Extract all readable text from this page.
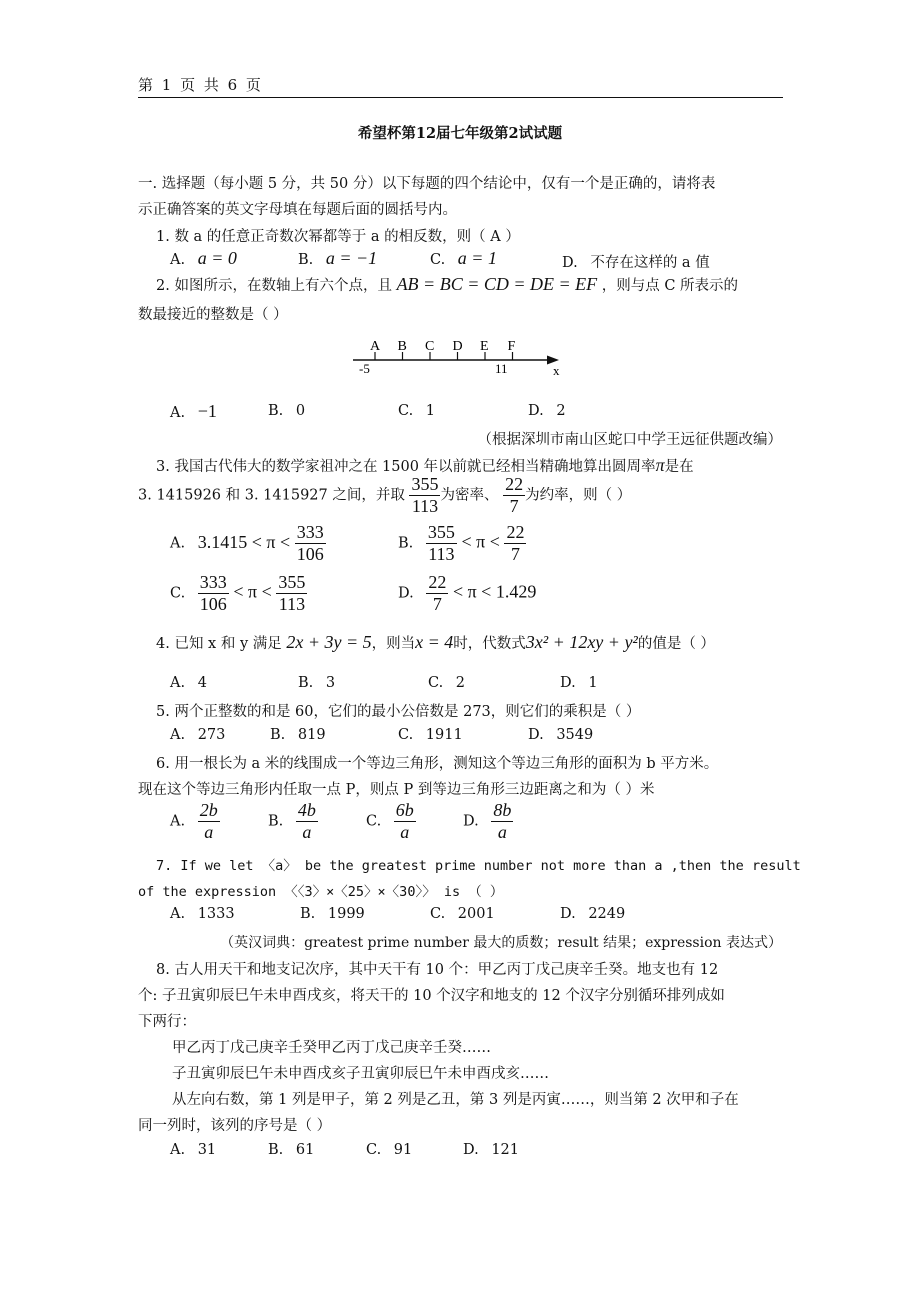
第 1 页 共 6 页
希望杯第12届七年级第2试试题
一. 选择题（每小题 5 分，共 50 分）以下每题的四个结论中，仅有一个是正确的，请将表
示正确答案的英文字母填在每题后面的圆括号内。
1. 数 a 的任意正奇数次幂都等于 a 的相反数，则（ A ）
A. a = 0	B. a = −1	C. a = 1	D. 不存在这样的 a 值
2. 如图所示，在数轴上有六个点，且 AB = BC = CD = DE = EF ，则与点 C 所表示的
数最接近的整数是（ ）
A B C D E F
-5	11	x
A. −1	B. 0	C. 1	D. 2
（根据深圳市南山区蛇口中学王远征供题改编）
3. 我国古代伟大的数学家祖冲之在 1500 年以前就已经相当精确地算出圆周率π是在
3. 1415926 和 3. 1415927 之间，并取 $\frac{355}{113}$ 为密率、 $\frac{22}{7}$ 为约率，则（ ）
A. $3.1415 < \pi < \frac{333}{106}$	B. $\frac{355}{113} < \pi < \frac{22}{7}$
C. $\frac{333}{106} < \pi < \frac{355}{113}$	D. $\frac{22}{7} < \pi < 1.429$
4. 已知 x 和 y 满足 2x + 3y = 5，则当x = 4时，代数式3x² + 12xy + y²的值是（ ）
A. 4	B. 3	C. 2	D. 1
5. 两个正整数的和是 60，它们的最小公倍数是 273，则它们的乘积是（ ）
A. 273	B. 819	C. 1911	D. 3549
6. 用一根长为 a 米的线围成一个等边三角形，测知这个等边三角形的面积为 b 平方米。
现在这个等边三角形内任取一点 P，则点 P 到等边三角形三边距离之和为（ ）米
A. $\frac{2b}{a}$	B. $\frac{4b}{a}$	C. $\frac{6b}{a}$	D. $\frac{8b}{a}$
7. If we let 〈a〉 be the greatest prime number not more than a ,then the result
of the expression 〈〈3〉×〈25〉×〈30〉〉 is （ ）
A. 1333	B. 1999	C. 2001	D. 2249
（英汉词典：greatest prime number 最大的质数；result 结果；expression 表达式）
8. 古人用天干和地支记次序，其中天干有 10 个：甲乙丙丁戊己庚辛壬癸。地支也有 12
个: 子丑寅卯辰巳午未申酉戌亥，将天干的 10 个汉字和地支的 12 个汉字分别循环排列成如
下两行：
甲乙丙丁戊己庚辛壬癸甲乙丙丁戊己庚辛壬癸……
子丑寅卯辰巳午未申酉戌亥子丑寅卯辰巳午未申酉戌亥……
从左向右数，第 1 列是甲子，第 2 列是乙丑，第 3 列是丙寅……，则当第 2 次甲和子在
同一列时，该列的序号是（ ）
A. 31	B. 61	C. 91	D. 121
